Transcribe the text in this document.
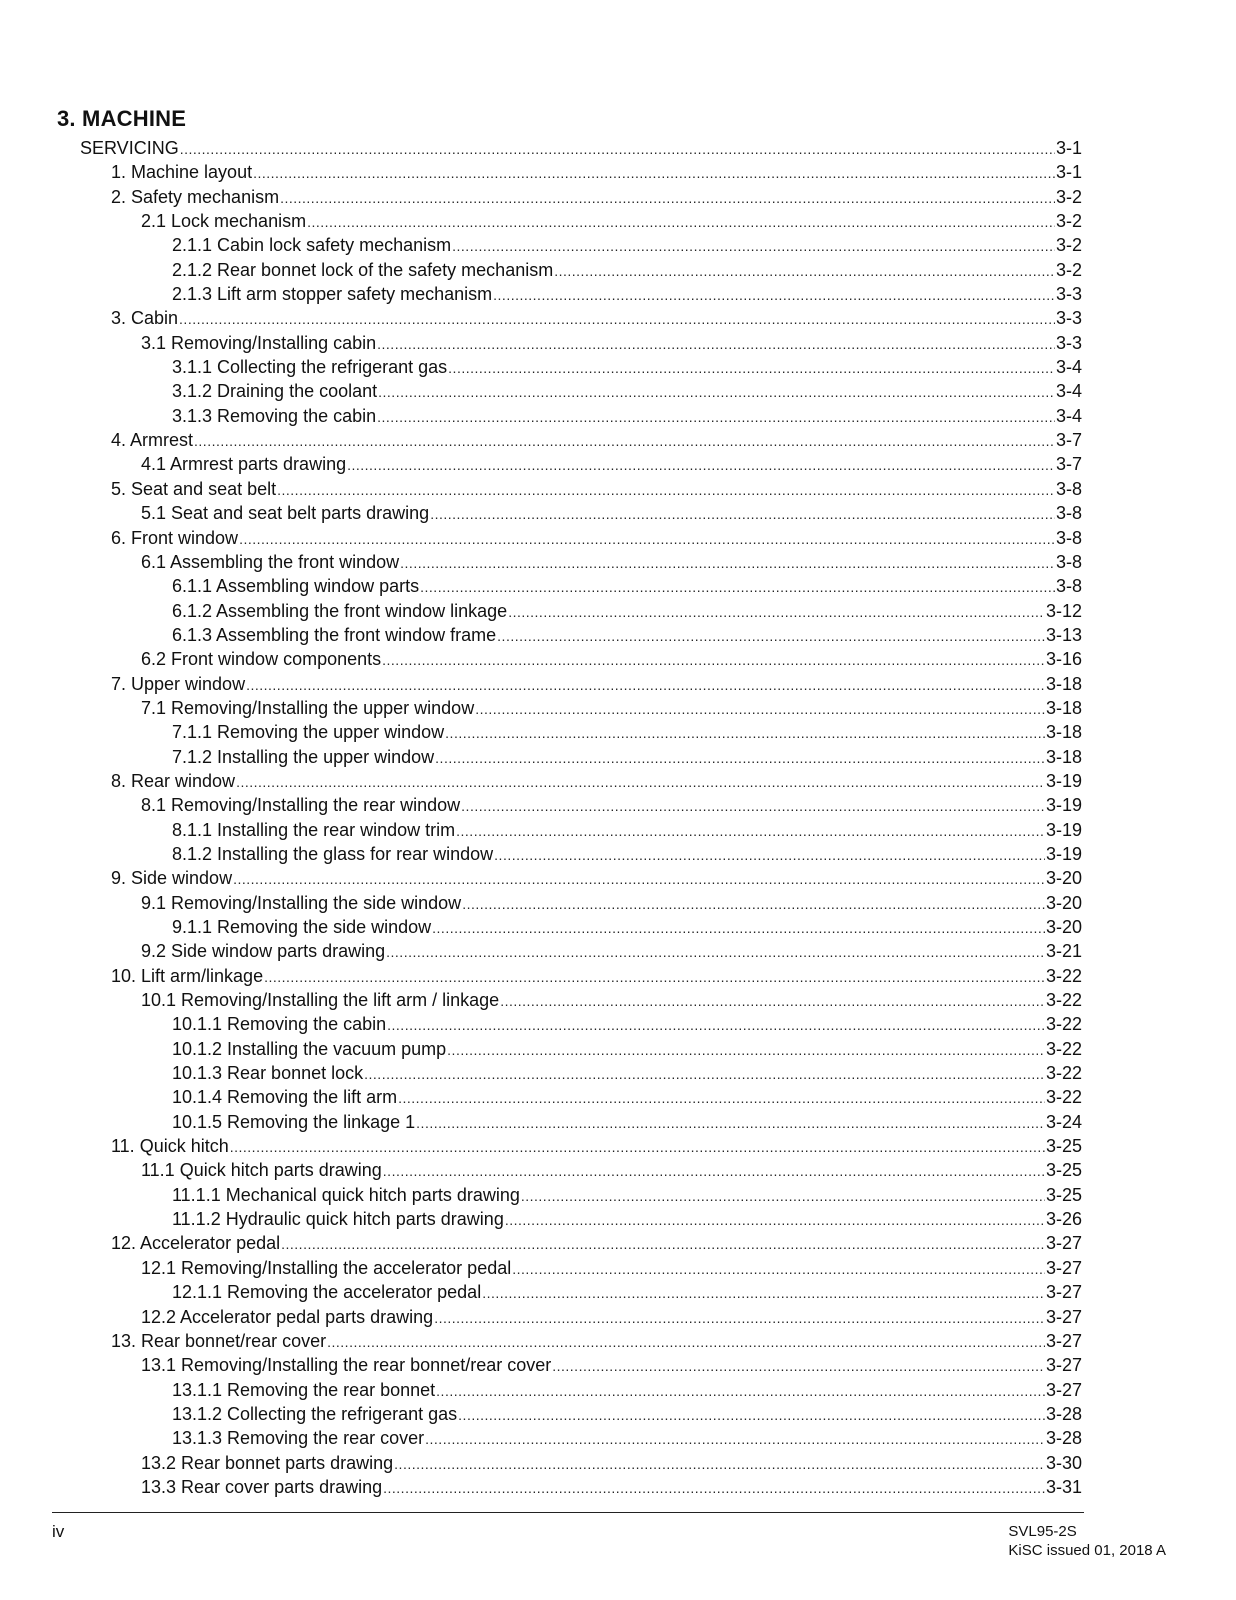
3. MACHINE
SERVICING .....	3-1
1. Machine layout .....	3-1
2. Safety mechanism .....	3-2
2.1 Lock mechanism .....	3-2
2.1.1 Cabin lock safety mechanism .....	3-2
2.1.2 Rear bonnet lock of the safety mechanism .....	3-2
2.1.3 Lift arm stopper safety mechanism .....	3-3
3. Cabin .....	3-3
3.1 Removing/Installing cabin .....	3-3
3.1.1 Collecting the refrigerant gas .....	3-4
3.1.2 Draining the coolant .....	3-4
3.1.3 Removing the cabin .....	3-4
4. Armrest .....	3-7
4.1 Armrest parts drawing .....	3-7
5. Seat and seat belt .....	3-8
5.1 Seat and seat belt parts drawing .....	3-8
6. Front window .....	3-8
6.1 Assembling the front window .....	3-8
6.1.1 Assembling window parts .....	3-8
6.1.2 Assembling the front window linkage .....	3-12
6.1.3 Assembling the front window frame .....	3-13
6.2 Front window components .....	3-16
7. Upper window .....	3-18
7.1 Removing/Installing the upper window .....	3-18
7.1.1 Removing the upper window .....	3-18
7.1.2 Installing the upper window .....	3-18
8. Rear window .....	3-19
8.1 Removing/Installing the rear window .....	3-19
8.1.1 Installing the rear window trim .....	3-19
8.1.2 Installing the glass for rear window .....	3-19
9. Side window .....	3-20
9.1 Removing/Installing the side window .....	3-20
9.1.1 Removing the side window .....	3-20
9.2 Side window parts drawing .....	3-21
10. Lift arm/linkage .....	3-22
10.1 Removing/Installing the lift arm / linkage .....	3-22
10.1.1 Removing the cabin .....	3-22
10.1.2 Installing the vacuum pump .....	3-22
10.1.3 Rear bonnet lock .....	3-22
10.1.4 Removing the lift arm .....	3-22
10.1.5 Removing the linkage 1 .....	3-24
11. Quick hitch .....	3-25
11.1 Quick hitch parts drawing .....	3-25
11.1.1 Mechanical quick hitch parts drawing .....	3-25
11.1.2 Hydraulic quick hitch parts drawing .....	3-26
12. Accelerator pedal .....	3-27
12.1 Removing/Installing the accelerator pedal .....	3-27
12.1.1 Removing the accelerator pedal .....	3-27
12.2 Accelerator pedal parts drawing .....	3-27
13. Rear bonnet/rear cover .....	3-27
13.1 Removing/Installing the rear bonnet/rear cover .....	3-27
13.1.1 Removing the rear bonnet .....	3-27
13.1.2 Collecting the refrigerant gas .....	3-28
13.1.3 Removing the rear cover .....	3-28
13.2 Rear bonnet parts drawing .....	3-30
13.3 Rear cover parts drawing .....	3-31
iv	SVL95-2S
KiSC issued 01, 2018 A
